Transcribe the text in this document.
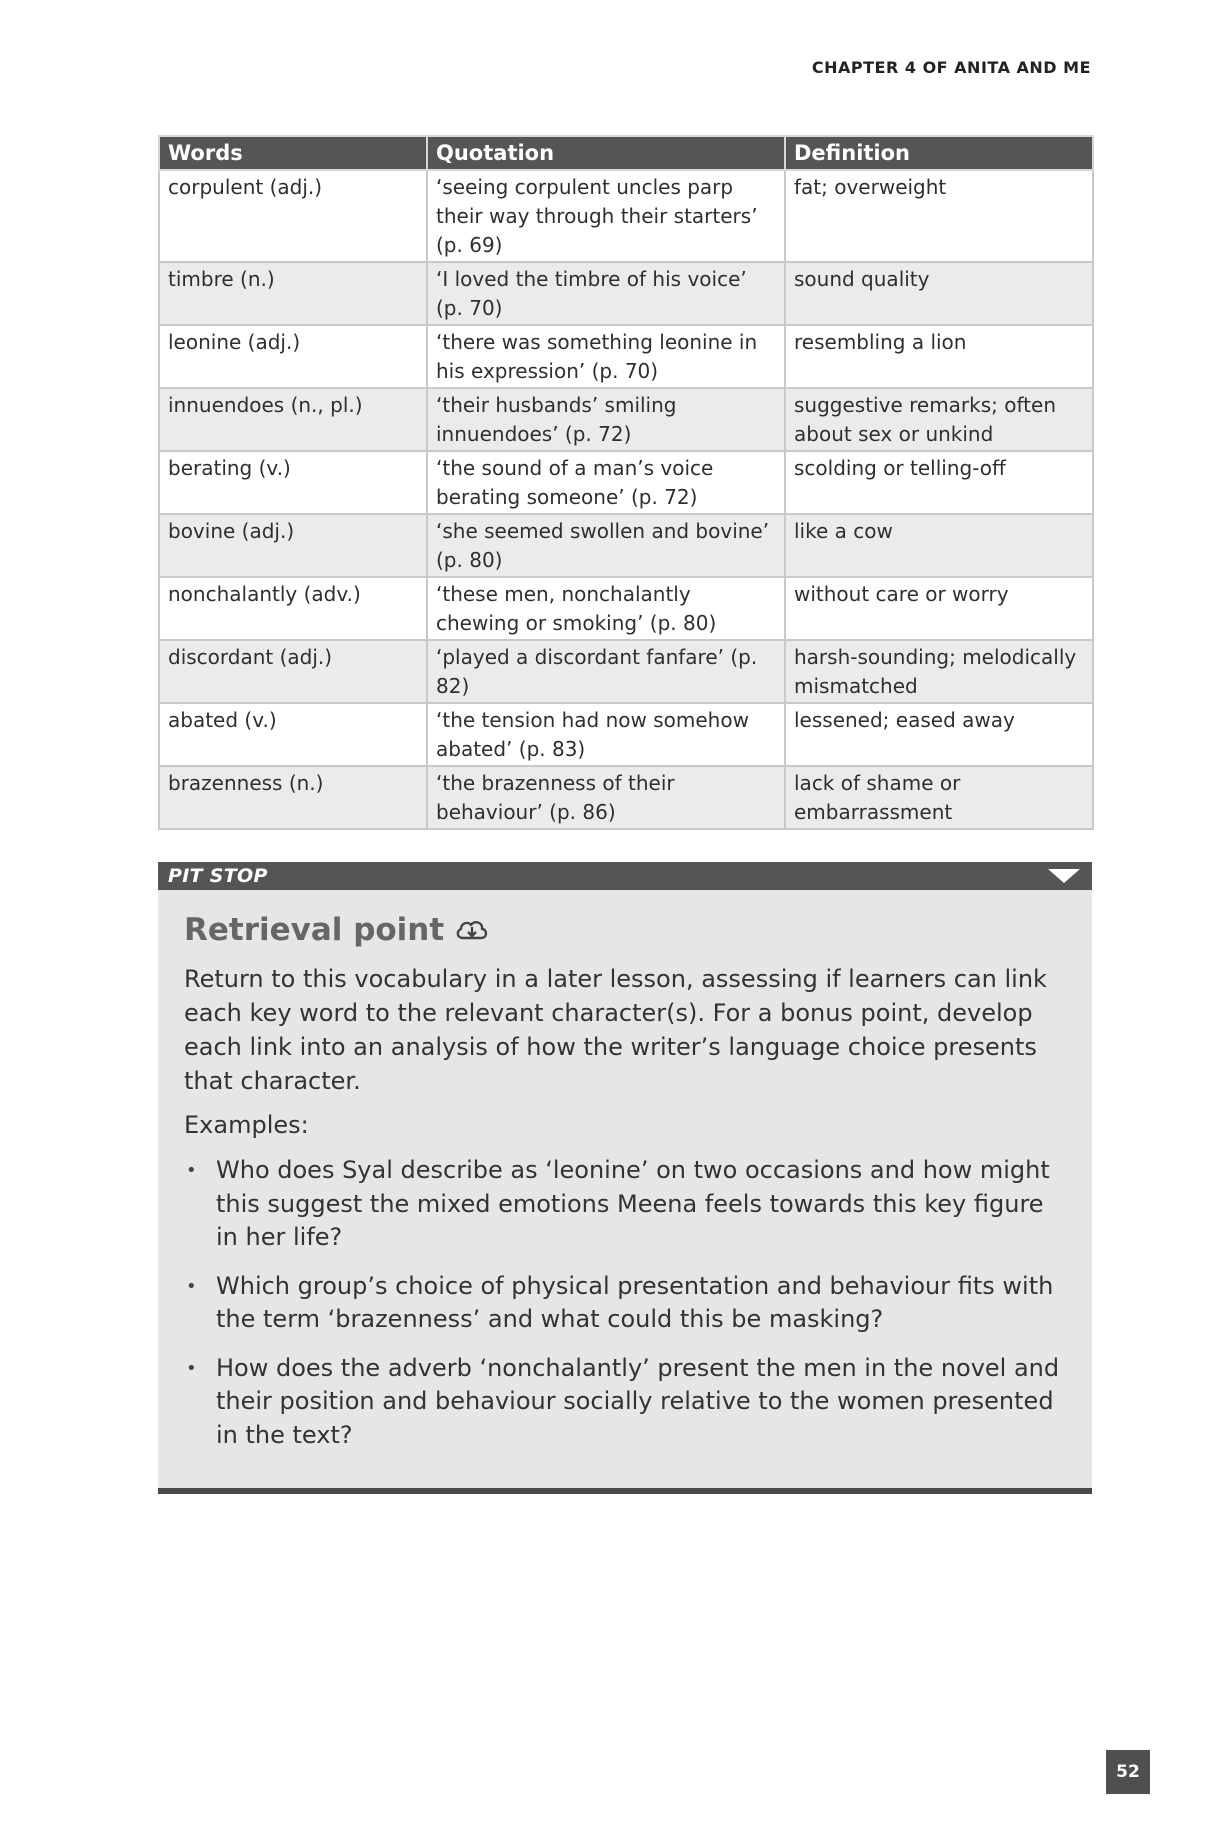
CHAPTER 4 OF ANITA AND ME
Words	Quotation	Definition
corpulent (adj.)	‘seeing corpulent uncles parp their way through their starters’ (p. 69)	fat; overweight
timbre (n.)	‘I loved the timbre of his voice’ (p. 70)	sound quality
leonine (adj.)	‘there was something leonine in his expression’ (p. 70)	resembling a lion
innuendoes (n., pl.)	‘their husbands’ smiling innuendoes’ (p. 72)	suggestive remarks; often about sex or unkind
berating (v.)	‘the sound of a man’s voice berating someone’ (p. 72)	scolding or telling-off
bovine (adj.)	‘she seemed swollen and bovine’ (p. 80)	like a cow
nonchalantly (adv.)	‘these men, nonchalantly chewing or smoking’ (p. 80)	without care or worry
discordant (adj.)	‘played a discordant fanfare’ (p. 82)	harsh-sounding; melodically mismatched
abated (v.)	‘the tension had now somehow abated’ (p. 83)	lessened; eased away
brazenness (n.)	‘the brazenness of their behaviour’ (p. 86)	lack of shame or embarrassment
PIT STOP
Retrieval point

Return to this vocabulary in a later lesson, assessing if learners can link each key word to the relevant character(s). For a bonus point, develop each link into an analysis of how the writer’s language choice presents that character.

Examples:

• Who does Syal describe as ‘leonine’ on two occasions and how might this suggest the mixed emotions Meena feels towards this key figure in her life?
• Which group’s choice of physical presentation and behaviour fits with the term ‘brazenness’ and what could this be masking?
• How does the adverb ‘nonchalantly’ present the men in the novel and their position and behaviour socially relative to the women presented in the text?
52
